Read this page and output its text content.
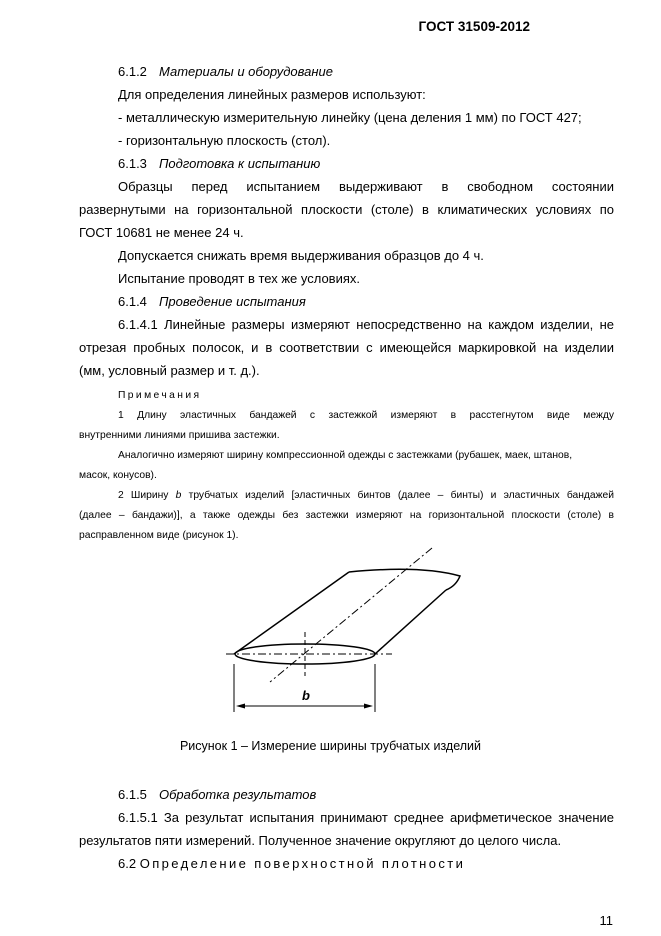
ГОСТ 31509-2012
6.1.2 Материалы и оборудование
Для определения линейных размеров используют:
- металлическую измерительную линейку (цена деления 1 мм) по ГОСТ 427;
- горизонтальную плоскость (стол).
6.1.3 Подготовка к испытанию
Образцы перед испытанием выдерживают в свободном состоянии
развернутыми на горизонтальной плоскости (столе) в климатических условиях по
ГОСТ 10681 не менее 24 ч.
Допускается снижать время выдерживания образцов до 4 ч.
Испытание проводят в тех же условиях.
6.1.4 Проведение испытания
6.1.4.1 Линейные размеры измеряют непосредственно на каждом изделии, не
отрезая пробных полосок, и в соответствии с имеющейся маркировкой на изделии
(мм, условный размер и т. д.).
Примечания
1 Длину эластичных бандажей с застежкой измеряют в расстегнутом виде между
внутренними линиями пришива застежки.
Аналогично измеряют ширину компрессионной одежды с застежками (рубашек, маек, штанов,
масок, конусов).
2 Ширину b трубчатых изделий [эластичных бинтов (далее – бинты) и эластичных бандажей
(далее – бандажи)], а также одежды без застежки измеряют на горизонтальной плоскости (столе) в
расправленном виде (рисунок 1).
b
Рисунок 1 – Измерение ширины трубчатых изделий
6.1.5 Обработка результатов
6.1.5.1 За результат испытания принимают среднее арифметическое значение
результатов пяти измерений. Полученное значение округляют до целого числа.
6.2 Определение поверхностной плотности
11
